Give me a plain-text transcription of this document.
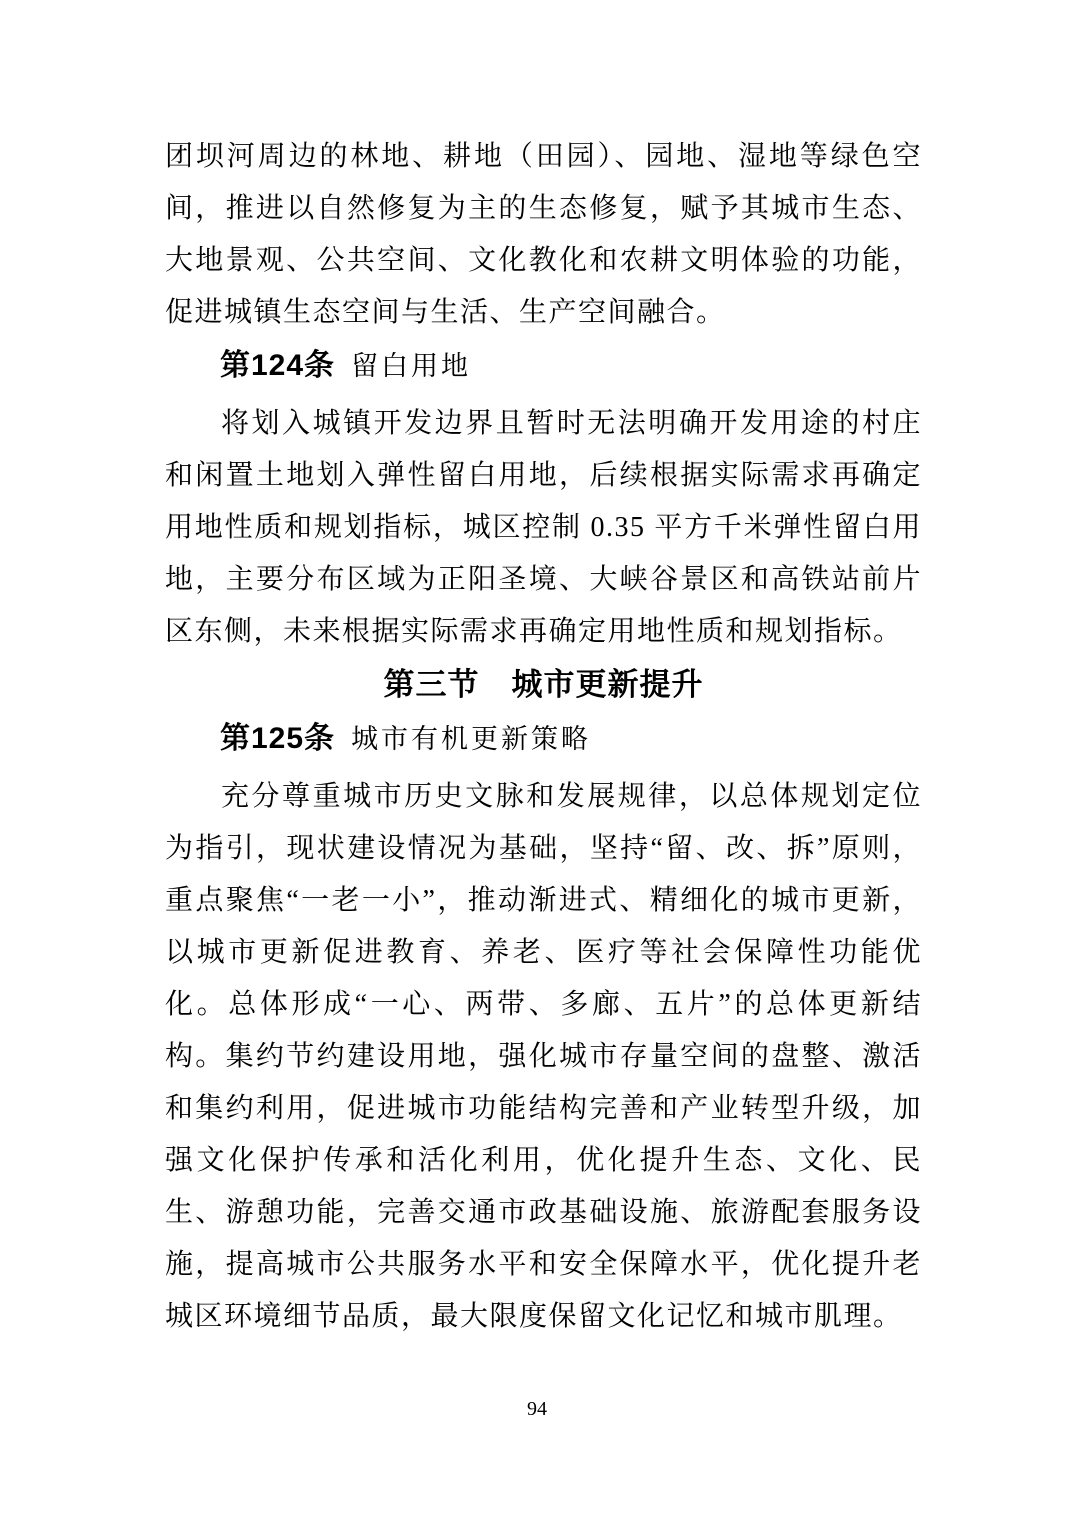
团坝河周边的林地、耕地（田园）、园地、湿地等绿色空间，推进以自然修复为主的生态修复，赋予其城市生态、大地景观、公共空间、文化教化和农耕文明体验的功能，促进城镇生态空间与生活、生产空间融合。

第124条 留白用地

将划入城镇开发边界且暂时无法明确开发用途的村庄和闲置土地划入弹性留白用地，后续根据实际需求再确定用地性质和规划指标，城区控制 0.35 平方千米弹性留白用地，主要分布区域为正阳圣境、大峡谷景区和高铁站前片区东侧，未来根据实际需求再确定用地性质和规划指标。

第三节　城市更新提升
第125条 城市有机更新策略

充分尊重城市历史文脉和发展规律，以总体规划定位为指引，现状建设情况为基础，坚持“留、改、拆”原则，重点聚焦“一老一小”，推动渐进式、精细化的城市更新，以城市更新促进教育、养老、医疗等社会保障性功能优化。总体形成“一心、两带、多廊、五片”的总体更新结构。集约节约建设用地，强化城市存量空间的盘整、激活和集约利用，促进城市功能结构完善和产业转型升级，加强文化保护传承和活化利用，优化提升生态、文化、民生、游憩功能，完善交通市政基础设施、旅游配套服务设施，提高城市公共服务水平和安全保障水平，优化提升老城区环境细节品质，最大限度保留文化记忆和城市肌理。

94
